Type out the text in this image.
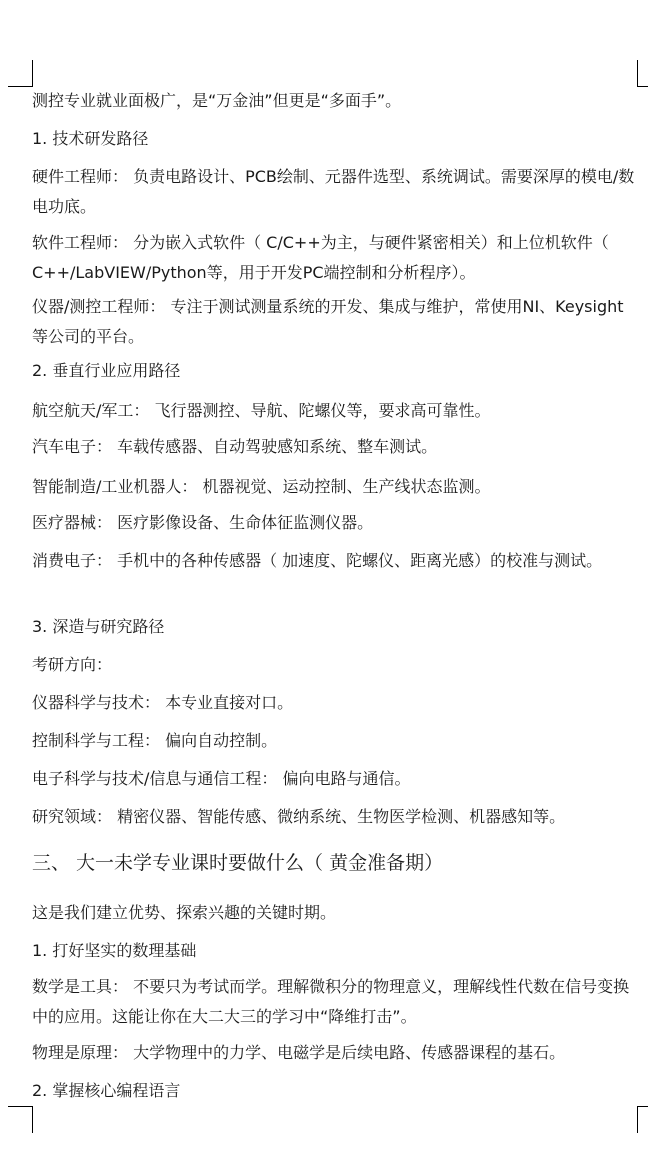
测控专业就业面极广，是“万金油”但更是“多面手”。
1. 技术研发路径
硬件工程师： 负责电路设计、PCB绘制、元器件选型、系统调试。需要深厚的模电/数电功底。
软件工程师： 分为嵌入式软件（ C/C++为主，与硬件紧密相关）和上位机软件（ C++/LabVIEW/Python等，用于开发PC端控制和分析程序）。
仪器/测控工程师： 专注于测试测量系统的开发、集成与维护，常使用NI、Keysight 等公司的平台。
2. 垂直行业应用路径
航空航天/军工： 飞行器测控、导航、陀螺仪等，要求高可靠性。
汽车电子： 车载传感器、自动驾驶感知系统、整车测试。
智能制造/工业机器人： 机器视觉、运动控制、生产线状态监测。
医疗器械： 医疗影像设备、生命体征监测仪器。
消费电子： 手机中的各种传感器（ 加速度、陀螺仪、距离光感）的校准与测试。
3. 深造与研究路径
考研方向：
仪器科学与技术： 本专业直接对口。
控制科学与工程： 偏向自动控制。
电子科学与技术/信息与通信工程： 偏向电路与通信。
研究领域： 精密仪器、智能传感、微纳系统、生物医学检测、机器感知等。
三、 大一未学专业课时要做什么（ 黄金准备期）
这是我们建立优势、探索兴趣的关键时期。
1. 打好坚实的数理基础
数学是工具： 不要只为考试而学。理解微积分的物理意义，理解线性代数在信号变换中的应用。这能让你在大二大三的学习中“降维打击”。
物理是原理： 大学物理中的力学、电磁学是后续电路、传感器课程的基石。
2. 掌握核心编程语言
